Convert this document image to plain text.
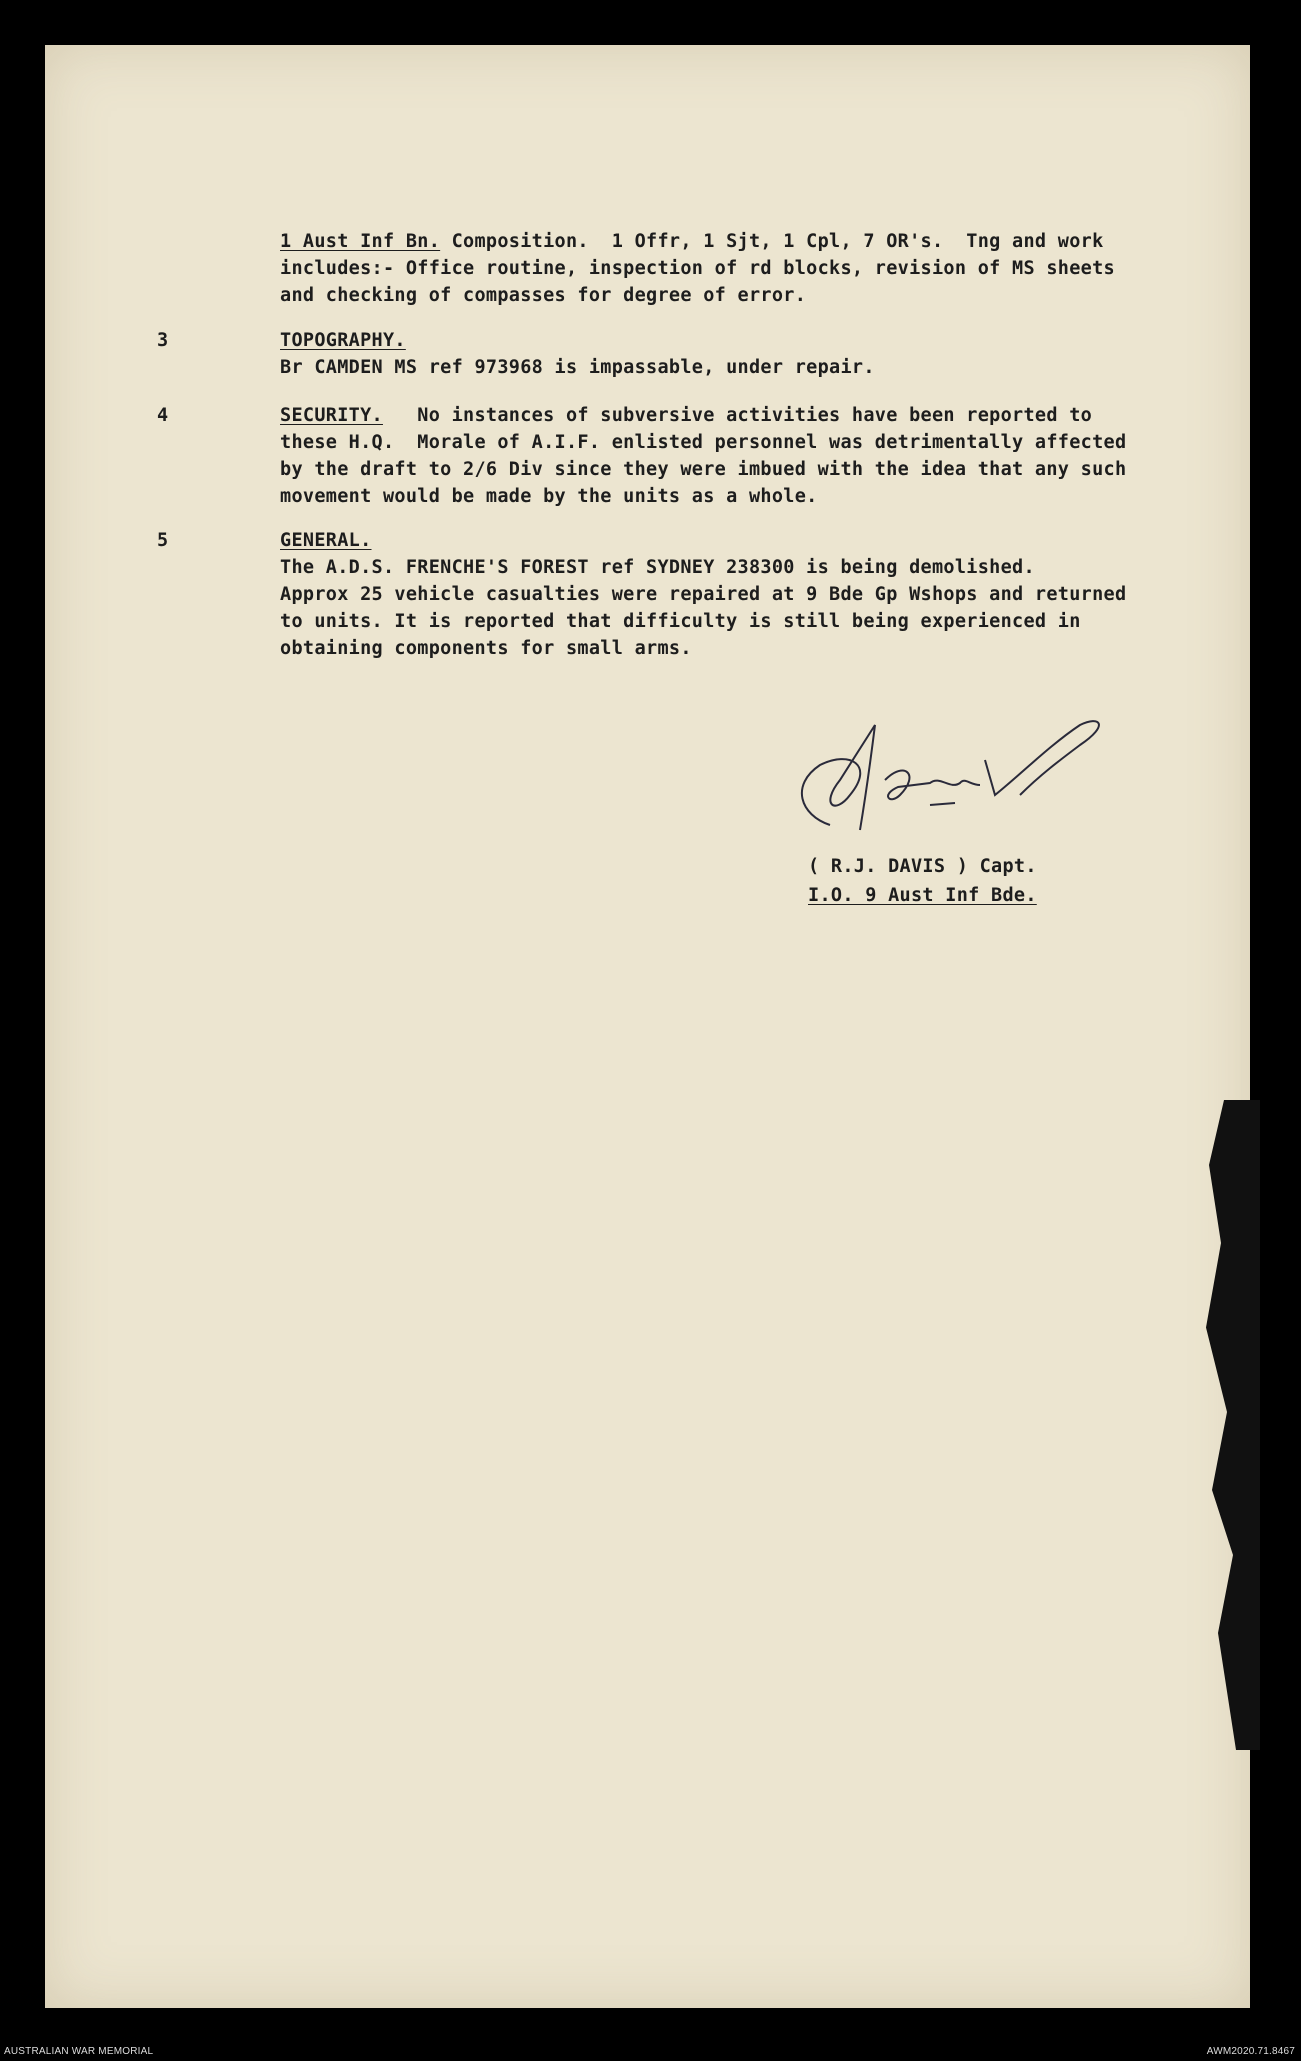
1 Aust Inf Bn. Composition.  1 Offr, 1 Sjt, 1 Cpl, 7 OR's.  Tng and work
includes:- Office routine, inspection of rd blocks, revision of MS sheets
and checking of compasses for degree of error.
3	TOPOGRAPHY.
Br CAMDEN MS ref 973968 is impassable, under repair.
4	SECURITY.   No instances of subversive activities have been reported to
these H.Q.  Morale of A.I.F. enlisted personnel was detrimentally affected
by the draft to 2/6 Div since they were imbued with the idea that any such
movement would be made by the units as a whole.
5	GENERAL.
The A.D.S. FRENCHE'S FOREST ref SYDNEY 238300 is being demolished.
Approx 25 vehicle casualties were repaired at 9 Bde Gp Wshops and returned
to units. It is reported that difficulty is still being experienced in
obtaining components for small arms.
( R.J. DAVIS ) Capt.
I.O. 9 Aust Inf Bde.
AUSTRALIAN WAR MEMORIAL	AWM2020.71.8467
